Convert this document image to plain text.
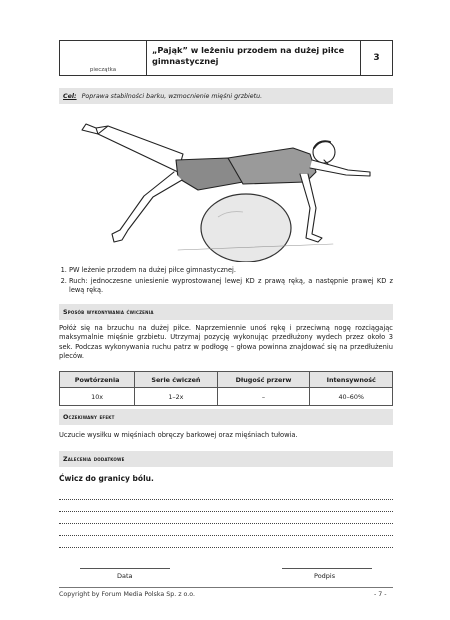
pieczątka
„Pająk” w leżeniu przodem na dużej piłce gimnastycznej	3
Cel: Poprawa stabilności barku, wzmocnienie mięśni grzbietu.
1. PW leżenie przodem na dużej piłce gimnastycznej.
2. Ruch: jednoczesne uniesienie wyprostowanej lewej KD z prawą ręką, a następnie prawej KD z lewą ręką.
Sposób wykonywania ćwiczenia
Połóż się na brzuchu na dużej piłce. Naprzemiennie unoś rękę i przeciwną nogę rozciągając maksymalnie mięśnie grzbietu. Utrzymaj pozycję wykonując przedłużony wydech przez około 3 sek. Podczas wykonywania ruchu patrz w podłogę – głowa powinna znajdować się na przedłużeniu pleców.
Powtórzenia	Serie ćwiczeń	Długość przerw	Intensywność
10x	1–2x	–	40–60%
Oczekiwany efekt
Uczucie wysiłku w mięśniach obręczy barkowej oraz mięśniach tułowia.
Zalecenia dodatkowe
Ćwicz do granicy bólu.
Data	Podpis
Copyright by Forum Media Polska Sp. z o.o.	- 7 -
